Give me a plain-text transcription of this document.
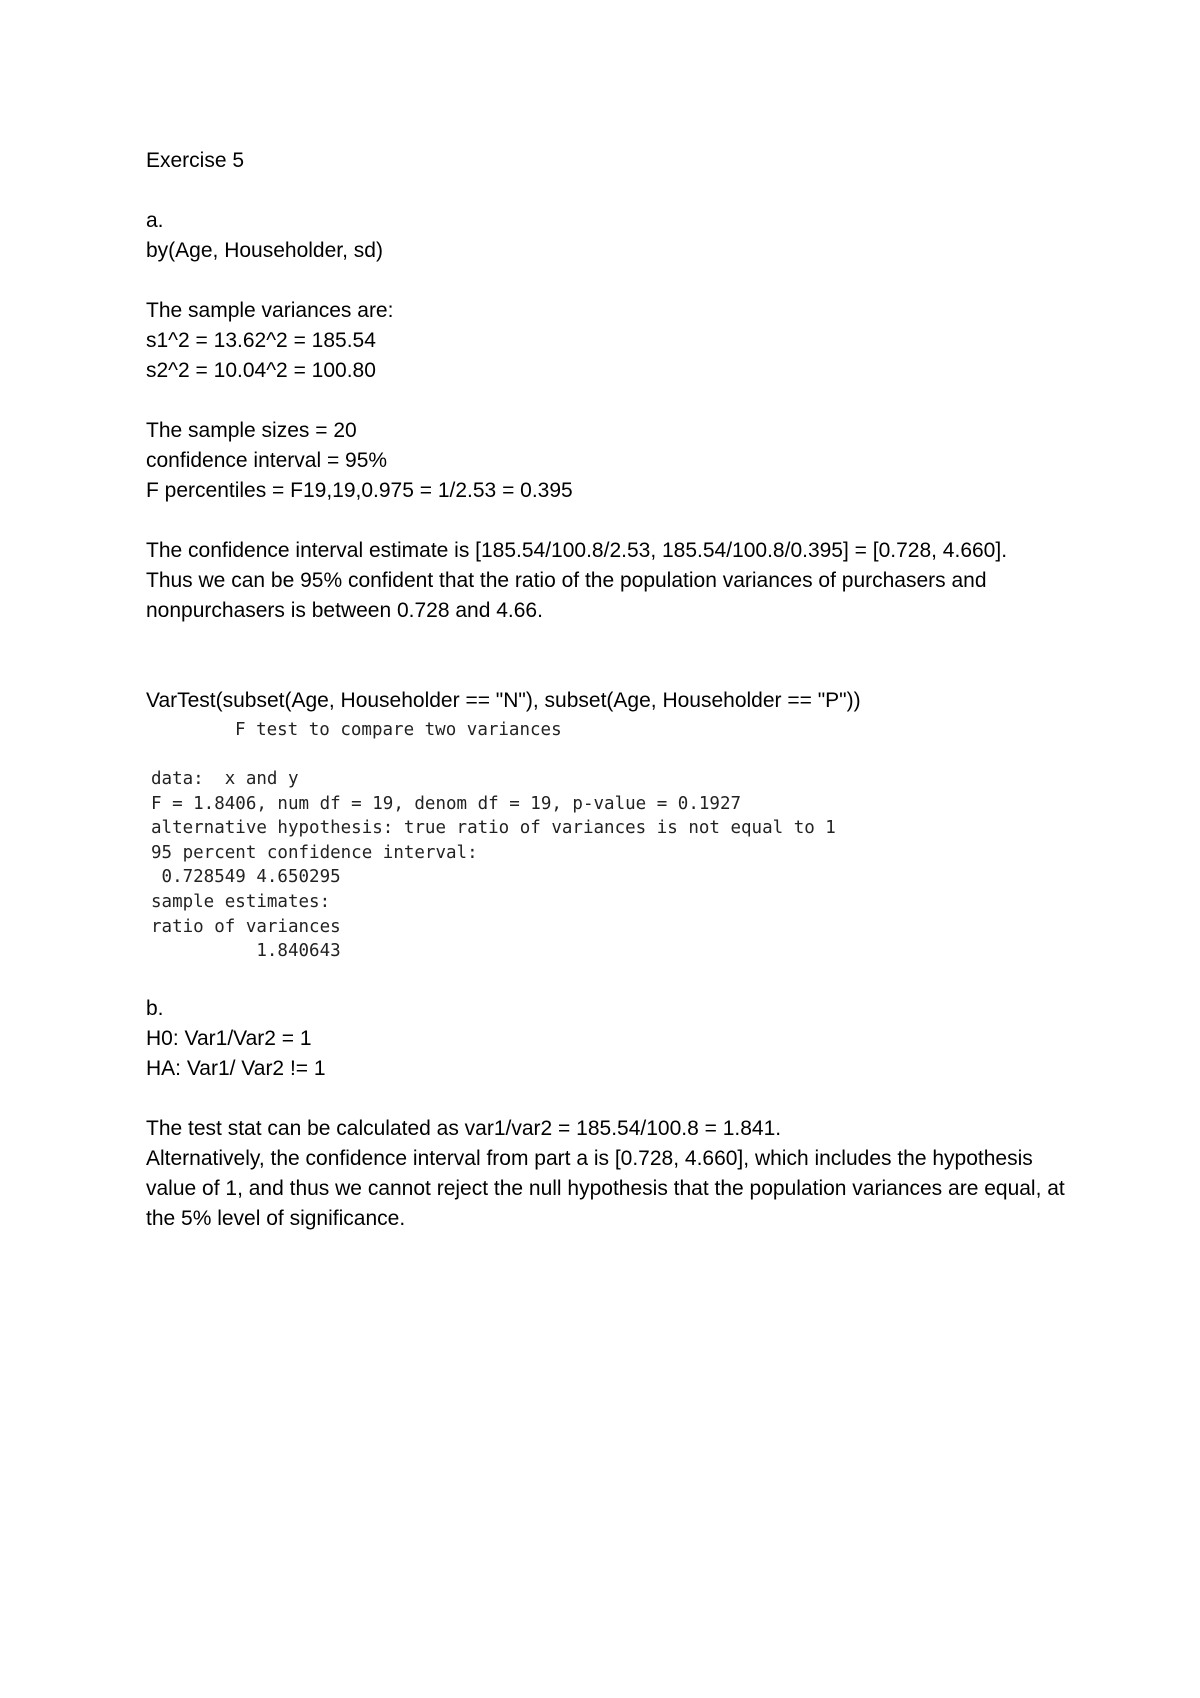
Exercise 5
a.
by(Age, Householder, sd)
The sample variances are:
s1^2 = 13.62^2 = 185.54
s2^2 = 10.04^2 = 100.80
The sample sizes = 20
confidence interval = 95%
F percentiles = F19,19,0.975 = 1/2.53 = 0.395
The confidence interval estimate is [185.54/100.8/2.53, 185.54/100.8/0.395] = [0.728, 4.660].
Thus we can be 95% confident that the ratio of the population variances of purchasers and nonpurchasers is between 0.728 and 4.66.
VarTest(subset(Age, Householder == "N"), subset(Age, Householder == "P"))
F test to compare two variances
data:  x and y
F = 1.8406, num df = 19, denom df = 19, p-value = 0.1927
alternative hypothesis: true ratio of variances is not equal to 1
95 percent confidence interval:
0.728549 4.650295
sample estimates:
ratio of variances
1.840643
b.
H0: Var1/Var2 = 1
HA: Var1/ Var2 != 1
The test stat can be calculated as var1/var2 = 185.54/100.8 = 1.841.
Alternatively, the confidence interval from part a is [0.728, 4.660], which includes the hypothesis value of 1, and thus we cannot reject the null hypothesis that the population variances are equal, at the 5% level of significance.
